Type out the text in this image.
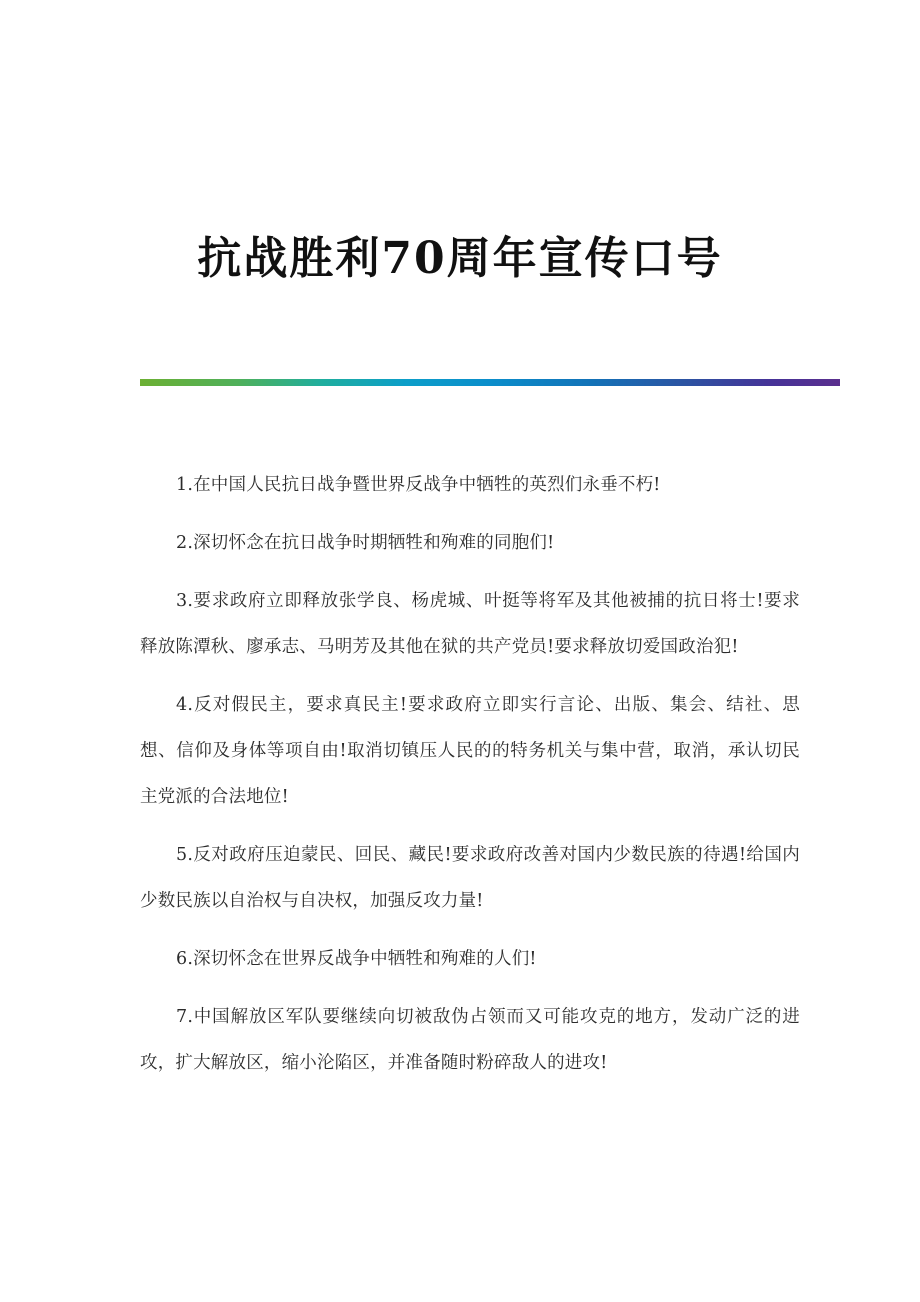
抗战胜利70周年宣传口号

1.在中国人民抗日战争暨世界反战争中牺牲的英烈们永垂不朽!

2.深切怀念在抗日战争时期牺牲和殉难的同胞们!

3.要求政府立即释放张学良、杨虎城、叶挺等将军及其他被捕的抗日将士!要求释放陈潭秋、廖承志、马明芳及其他在狱的共产党员!要求释放切爱国政治犯!

4.反对假民主，要求真民主!要求政府立即实行言论、出版、集会、结社、思想、信仰及身体等项自由!取消切镇压人民的的特务机关与集中营，取消，承认切民主党派的合法地位!

5.反对政府压迫蒙民、回民、藏民!要求政府改善对国内少数民族的待遇!给国内少数民族以自治权与自决权，加强反攻力量!

6.深切怀念在世界反战争中牺牲和殉难的人们!

7.中国解放区军队要继续向切被敌伪占领而又可能攻克的地方，发动广泛的进攻，扩大解放区，缩小沦陷区，并准备随时粉碎敌人的进攻!
